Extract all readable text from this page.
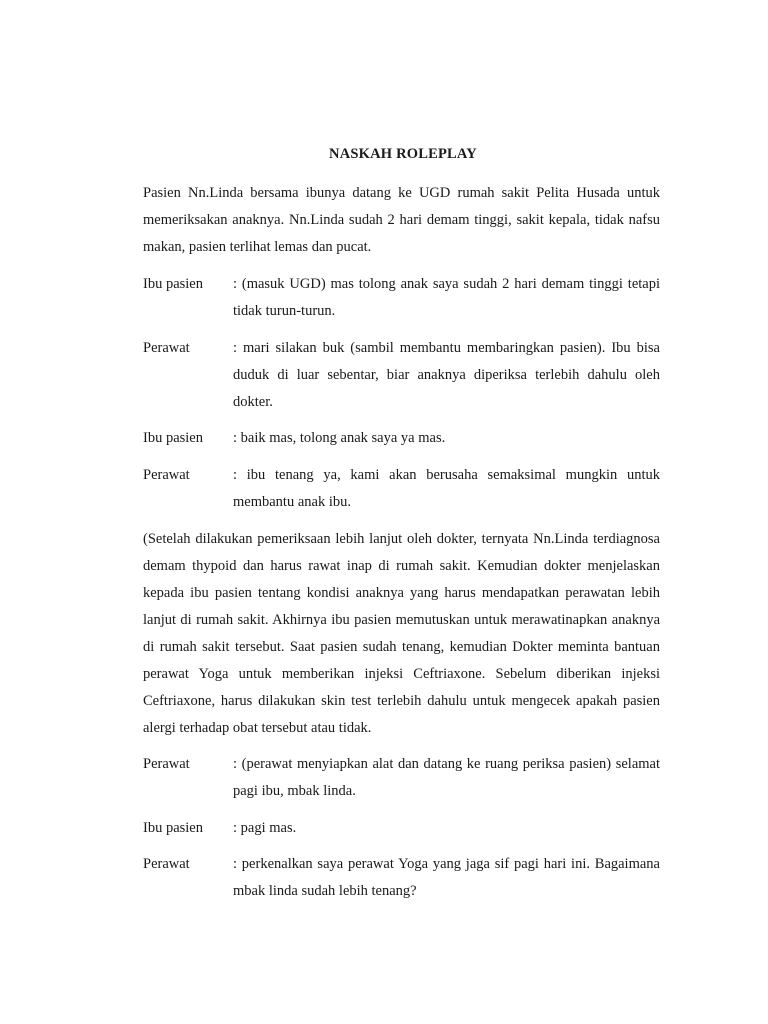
NASKAH ROLEPLAY
Pasien Nn.Linda bersama ibunya datang ke UGD rumah sakit Pelita Husada untuk memeriksakan anaknya. Nn.Linda sudah 2 hari demam tinggi, sakit kepala, tidak nafsu makan, pasien terlihat lemas dan pucat.
Ibu pasien	: (masuk UGD) mas tolong anak saya sudah 2 hari demam tinggi tetapi tidak turun-turun.
Perawat	: mari silakan buk (sambil membantu membaringkan pasien). Ibu bisa duduk di luar sebentar, biar anaknya diperiksa terlebih dahulu oleh dokter.
Ibu pasien	: baik mas, tolong anak saya ya mas.
Perawat	: ibu tenang ya, kami akan berusaha semaksimal mungkin untuk membantu anak ibu.
(Setelah dilakukan pemeriksaan lebih lanjut oleh dokter, ternyata Nn.Linda terdiagnosa demam thypoid dan harus rawat inap di rumah sakit. Kemudian dokter menjelaskan kepada ibu pasien tentang kondisi anaknya yang harus mendapatkan perawatan lebih lanjut di rumah sakit. Akhirnya ibu pasien memutuskan untuk merawatinapkan anaknya di rumah sakit tersebut. Saat pasien sudah tenang, kemudian Dokter meminta bantuan perawat Yoga untuk memberikan injeksi Ceftriaxone. Sebelum diberikan injeksi Ceftriaxone, harus dilakukan skin test terlebih dahulu untuk mengecek apakah pasien alergi terhadap obat tersebut atau tidak.
Perawat	: (perawat menyiapkan alat dan datang ke ruang periksa pasien) selamat pagi ibu, mbak linda.
Ibu pasien	: pagi mas.
Perawat	: perkenalkan saya perawat Yoga yang jaga sif pagi hari ini. Bagaimana mbak linda sudah lebih tenang?
